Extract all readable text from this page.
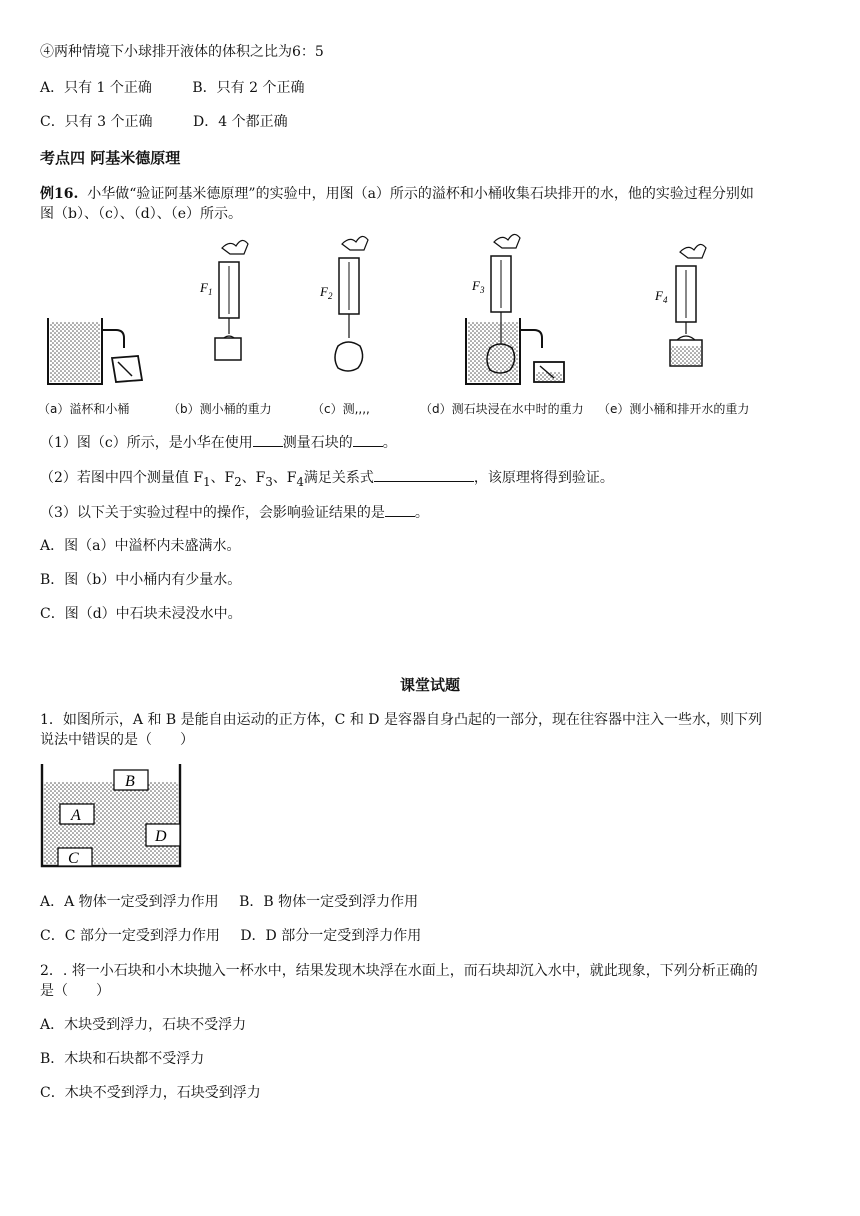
④两种情境下小球排开液体的体积之比为6：5
A．只有 1 个正确	B．只有 2 个正确
C．只有 3 个正确	D．4 个都正确
考点四 阿基米德原理
例16. 小华做“验证阿基米德原理”的实验中，用图（a）所示的溢杯和小桶收集石块排开的水，他的实验过程分别如
图（b）、（c）、（d）、（e）所示。
$F_1$	$F_2$
$F_3$	$F_4$
（a）溢杯和小桶	（b）测小桶的重力	（c）测,,,,	（d）测石块浸在水中时的重力 （e）测小桶和排开水的重力
（1）图（c）所示，是小华在使用 测量石块的 。
（2）若图中四个测量值 $F_1$、$F_2$、$F_3$、$F_4$满足关系式	，该原理将得到验证。
（3）以下关于实验过程中的操作，会影响验证结果的是 。
A．图（a）中溢杯内未盛满水。
B．图（b）中小桶内有少量水。
C．图（d）中石块未浸没水中。
课堂试题
1．如图所示，A 和 B 是能自由运动的正方体，C 和 D 是容器自身凸起的一部分，现在往容器中注入一些水，则下列
说法中错误的是（　　）
B
A
D
C
A．A 物体一定受到浮力作用 B．B 物体一定受到浮力作用
C．C 部分一定受到浮力作用 D．D 部分一定受到浮力作用
2．. 将一小石块和小木块抛入一杯水中，结果发现木块浮在水面上，而石块却沉入水中，就此现象，下列分析正确的
是（　　）
A．木块受到浮力，石块不受浮力
B．木块和石块都不受浮力
C．木块不受到浮力，石块受到浮力
